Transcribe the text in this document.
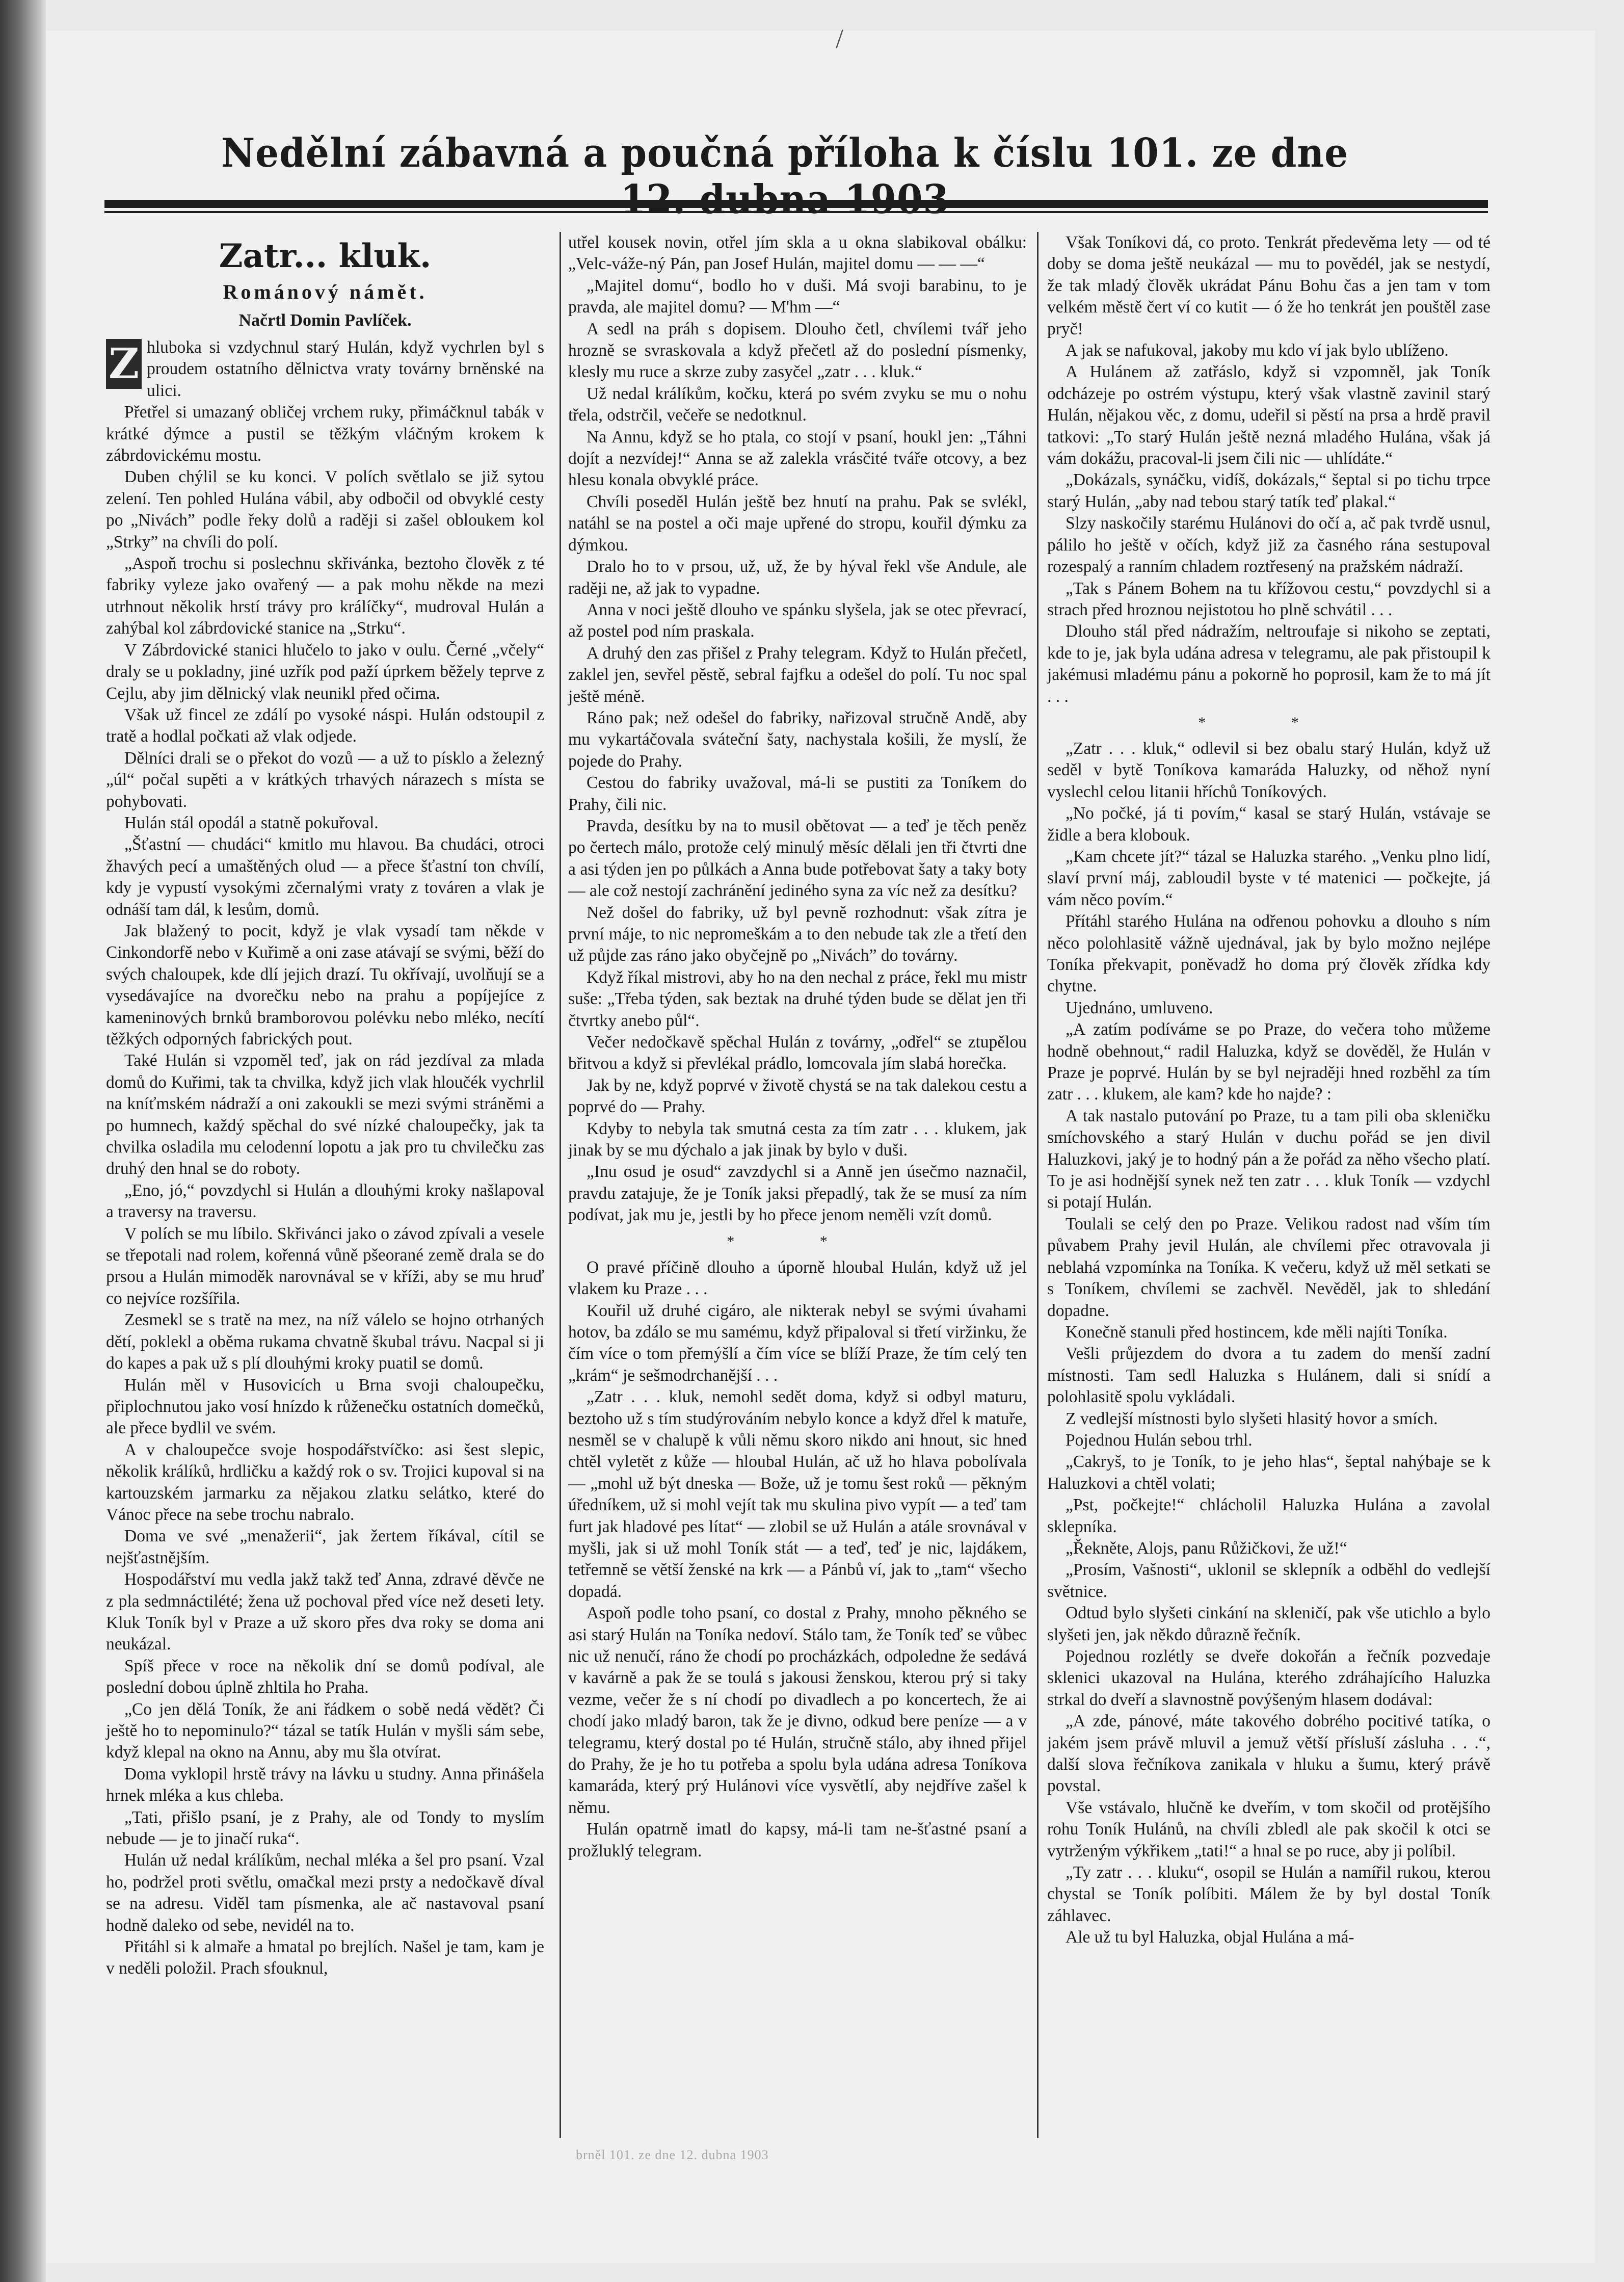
/
Nedělní zábavná a poučná příloha k číslu 101. ze dne
Zatr... kluk.
Románový námět.
Načrtl Domin Pavlíček.
Z hluboka si vzdychnul starý Hulán, když vychrlen byl s proudem ostatního dělnictva vraty továrny brněnské na ulici.

Přetřel si umazaný obličej vrchem ruky, přimáčknul tabák v krátké dýmce a pustil se těžkým vláčným krokem k zábrdovickému mostu.

Duben chýlil se ku konci. V polích světlalo se již sytou zelení. Ten pohled Hulána vábil, aby odbočil od obvyklé cesty po „Niváchˮ podle řeky dolů a raději si zašel obloukem kol „Strkyˮ na chvíli do polí.

„Aspoň trochu si poslechnu skřivánka, beztoho člověk z té fabriky vyleze jako ovařený — a pak mohu někde na mezi utrhnout několik hrstí trávy pro králíčky“, mudroval Hulán a zahýbal kol zábrdovické stanice na „Strku“.

V Zábrdovické stanici hlučelo to jako v oulu. Černé „včely“ draly se u pokladny, jiné uzřík pod paží úprkem běžely teprve z Cejlu, aby jim dělnický vlak neunikl před očima.

Však už fincel ze zdálí po vysoké náspi. Hulán odstoupil z tratě a hodlal počkati až vlak odjede.

Dělníci drali se o překot do vozů — a už to písklo a železný „úl“ počal supěti a v krátkých trhavých nárazech s místa se pohybovati.

Hulán stál opodál a statně pokuřoval.

„Šťastní — chudáci“ kmitlo mu hlavou. Ba chudáci, otroci žhavých pecí a umaštěných olud — a přece šťastní ton chvílí, kdy je vypustí vysokými zčernalými vraty z továren a vlak je odnáší tam dál, k lesům, domů.

Jak blažený to pocit, když je vlak vysadí tam někde v Cinkondorfě nebo v Kuřimě a oni zase atávají se svými, běží do svých chaloupek, kde dlí jejich drazí. Tu okřívají, uvolňují se a vysedávajíce na dvorečku nebo na prahu a popíjejíce z kameninových brnků bramborovou polévku nebo mléko, necítí těžkých odporných fabrických pout.

Také Hulán si vzpoměl teď, jak on rád jezdíval za mlada domů do Kuřimi, tak ta chvilka, když jich vlak hloučék vychrlil na kníťmském nádraží a oni zakoukli se mezi svými stráněmi a po humnech, každý spěchal do své nízké chaloupečky, jak ta chvilka osladila mu celodenní lopotu a jak pro tu chvilečku zas druhý den hnal se do roboty.

„Eno, jó,“ povzdychl si Hulán a dlouhými kroky našlapoval a traversy na traversu.

V polích se mu líbilo. Skřivánci jako o závod zpívali a vesele se třepotali nad rolem, kořenná vůně pšeorané země drala se do prsou a Hulán mimoděk narovnával se v kříži, aby se mu hruď co nejvíce rozšířila.

Zesmekl se s tratě na mez, na níž válelo se hojno otrhaných dětí, poklekl a oběma rukama chvatně škubal trávu. Nacpal si ji do kapes a pak už s plí dlouhými kroky puatil se domů.

Hulán měl v Husovicích u Brna svoji chaloupečku, připlochnutou jako vosí hnízdo k růženečku ostatních domečků, ale přece bydlil ve svém.

A v chaloupečce svoje hospodářstvíčko: asi šest slepic, několik králíků, hrdličku a každý rok o sv. Trojici kupoval si na kartouzském jarmarku za nějakou zlatku selátko, které do Vánoc přece na sebe trochu nabralo.

Doma ve své „menažerii“, jak žertem říkával, cítil se nejšťastnějším.

Hospodářství mu vedla jakž takž teď Anna, zdravé děvče ne z pla sedmnáctilété; žena už pochoval před více než deseti lety. Kluk Toník byl v Praze a už skoro přes dva roky se doma ani neukázal.

Spíš přece v roce na několik dní se domů podíval, ale poslední dobou úplně zhltila ho Praha.

„Co jen dělá Toník, že ani řádkem o sobě nedá vědět? Či ještě ho to nepominulo?“ tázal se tatík Hulán v myšli sám sebe, když klepal na okno na Annu, aby mu šla otvírat.

Doma vyklopil hrstě trávy na lávku u studny. Anna přinášela hrnek mléka a kus chleba.

„Tati, přišlo psaní, je z Prahy, ale od Tondy to myslím nebude — je to jinačí ruka“.

Hulán už nedal králíkům, nechal mléka a šel pro psaní. Vzal ho, podržel proti světlu, omačkal mezi prsty a nedočkavě díval se na adresu. Viděl tam písmenka, ale ač nastavoval psaní hodně daleko od sebe, nevidél na to.

Přitáhl si k almaře a hmatal po brejlích. Našel je tam, kam je v neděli položil. Prach sfouknul,

utřel kousek novin, otřel jím skla a u okna slabikoval obálku: „Velc-váže-ný Pán, pan Josef Hulán, majitel domu — — —“

„Majitel domu“, bodlo ho v duši. Má svoji barabinu, to je pravda, ale majitel domu? — M'hm —“

A sedl na práh s dopisem. Dlouho četl, chvílemi tvář jeho hrozně se svraskovala a když přečetl až do poslední písmenky, klesly mu ruce a skrze zuby zasyčel „zatr . . . kluk.“

Už nedal králíkům, kočku, která po svém zvyku se mu o nohu třela, odstrčil, večeře se nedotknul.

Na Annu, když se ho ptala, co stojí v psaní, houkl jen: „Táhni dojít a nezvídej!“ Anna se až zalekla vrásčité tváře otcovy, a bez hlesu konala obvyklé práce.

Chvíli poseděl Hulán ještě bez hnutí na prahu. Pak se svlékl, natáhl se na postel a oči maje upřené do stropu, kouřil dýmku za dýmkou.

Dralo ho to v prsou, už, už, že by hýval řekl vše Andule, ale raději ne, až jak to vypadne.

Anna v noci ještě dlouho ve spánku slyšela, jak se otec převrací, až postel pod ním praskala.

A druhý den zas přišel z Prahy telegram. Když to Hulán přečetl, zaklel jen, sevřel pěstě, sebral fajfku a odešel do polí. Tu noc spal ještě méně.

Ráno pak; než odešel do fabriky, nařizoval stručně Andě, aby mu vykartáčovala sváteční šaty, nachystala košili, že myslí, že pojede do Prahy.

Cestou do fabriky uvažoval, má-li se pustiti za Toníkem do Prahy, čili nic.

Pravda, desítku by na to musil obětovat — a teď je těch peněz po čertech málo, protože celý minulý měsíc dělali jen tři čtvrti dne a asi týden jen po půlkách a Anna bude potřebovat šaty a taky boty — ale což nestojí zachránění jediného syna za víc než za desítku?

Než došel do fabriky, už byl pevně rozhodnut: však zítra je první máje, to nic nepromeškám a to den nebude tak zle a třetí den už půjde zas ráno jako obyčejně po „Niváchˮ do továrny.

Když říkal mistrovi, aby ho na den nechal z práce, řekl mu mistr suše: „Třeba týden, sak beztak na druhé týden bude se dělat jen tři čtvrtky anebo půl“.

Večer nedočkavě spěchal Hulán z továrny, „odřel“ se ztupělou břitvou a když si převlékal prádlo, lomcovala jím slabá horečka.

Jak by ne, když poprvé v životě chystá se na tak dalekou cestu a poprvé do — Prahy.

Kdyby to nebyla tak smutná cesta za tím zatr . . . klukem, jak jinak by se mu dýchalo a jak jinak by bylo v duši.

„Inu osud je osud“ zavzdychl si a Anně jen úsečmo naznačil, pravdu zatajuje, že je Toník jaksi přepadlý, tak že se musí za ním podívat, jak mu je, jestli by ho přece jenom neměli vzít domů.

* *

O pravé příčině dlouho a úporně hloubal Hulán, když už jel vlakem ku Praze . . .

Kouřil už druhé cigáro, ale nikterak nebyl se svými úvahami hotov, ba zdálo se mu samému, když připaloval si třetí viržinku, že čím více o tom přemýšlí a čím více se blíží Praze, že tím celý ten „krám“ je sešmodrchanější . . .

„Zatr . . . kluk, nemohl sedět doma, když si odbyl maturu, beztoho už s tím studýrováním nebylo konce a když dřel k matuře, nesměl se v chalupě k vůli němu skoro nikdo ani hnout, sic hned chtěl vyletět z kůže — hloubal Hulán, ač už ho hlava pobolívala — „mohl už být dneska — Bože, už je tomu šest roků — pěkným úředníkem, už si mohl vejít tak mu skulina pivo vypít — a teď tam furt jak hladové pes lítat“ — zlobil se už Hulán a atále srovnával v myšli, jak si už mohl Toník stát — a teď, teď je nic, lajdákem, tetřemně se větší ženské na krk — a Pánbů ví, jak to „tam“ všecho dopadá.

Aspoň podle toho psaní, co dostal z Prahy, mnoho pěkného se asi starý Hulán na Toníka nedoví. Stálo tam, že Toník teď se vůbec nic už nenučí, ráno že chodí po procházkách, odpoledne že sedává v kavárně a pak že se toulá s jakousi ženskou, kterou prý si taky vezme, večer že s ní chodí po divadlech a po koncertech, že ai chodí jako mladý baron, tak že je divno, odkud bere peníze — a v telegramu, který dostal po té Hulán, stručně stálo, aby ihned přijel do Prahy, že je ho tu potřeba a spolu byla udána adresa Toníkova kamaráda, který prý Hulánovi více vysvětlí, aby nejdříve zašel k němu.

Hulán opatrně imatl do kapsy, má-li tam ne-šťastné psaní a prožluklý telegram.

Však Toníkovi dá, co proto. Tenkrát předevěma lety — od té doby se doma ještě neukázal — mu to povědél, jak se nestydí, že tak mladý člověk ukrádat Pánu Bohu čas a jen tam v tom velkém městě čert ví co kutit — ó že ho tenkrát jen pouštěl zase pryč!

A jak se nafukoval, jakoby mu kdo ví jak bylo ublíženo.

A Hulánem až zatřáslo, když si vzpomněl, jak Toník odcházeje po ostrém výstupu, který však vlastně zavinil starý Hulán, nějakou věc, z domu, udeřil si pěstí na prsa a hrdě pravil tatkovi: „To starý Hulán ještě nezná mladého Hulána, však já vám dokážu, pracoval-li jsem čili nic — uhlídáte.“

„Dokázals, synáčku, vidíš, dokázals,“ šeptal si po tichu trpce starý Hulán, „aby nad tebou starý tatík teď plakal.“

Slzy naskočily starému Hulánovi do očí a, ač pak tvrdě usnul, pálilo ho ještě v očích, když již za časného rána sestupoval rozespalý a ranním chladem roztřesený na pražském nádraží.

„Tak s Pánem Bohem na tu křížovou cestu,“ povzdychl si a strach před hroznou nejistotou ho plně schvátil . . .

Dlouho stál před nádražím, neltroufaje si nikoho se zeptati, kde to je, jak byla udána adresa v telegramu, ale pak přistoupil k jakémusi mladému pánu a pokorně ho poprosil, kam že to má jít . . .

* *

„Zatr . . . kluk,“ odlevil si bez obalu starý Hulán, když už seděl v bytě Toníkova kamaráda Haluzky, od něhož nyní vyslechl celou litanii hříchů Toníkových.

„No počké, já ti povím,“ kasal se starý Hulán, vstávaje se židle a bera klobouk.

„Kam chcete jít?“ tázal se Haluzka starého. „Venku plno lidí, slaví první máj, zabloudil byste v té matenici — počkejte, já vám něco povím.“

Přítáhl starého Hulána na odřenou pohovku a dlouho s ním něco polohlasitě vážně ujednával, jak by bylo možno nejlépe Toníka překvapit, poněvadž ho doma prý člověk zřídka kdy chytne.

Ujednáno, umluveno.

„A zatím podíváme se po Praze, do večera toho můžeme hodně obehnout,“ radil Haluzka, když se dověděl, že Hulán v Praze je poprvé. Hulán by se byl nejraději hned rozběhl za tím zatr . . . klukem, ale kam? kde ho najde? :

A tak nastalo putování po Praze, tu a tam pili oba skleničku smíchovského a starý Hulán v duchu pořád se jen divil Haluzkovi, jaký je to hodný pán a že pořád za něho všecho platí. To je asi hodnější synek než ten zatr . . . kluk Toník — vzdychl si potají Hulán.

Toulali se celý den po Praze. Velikou radost nad vším tím půvabem Prahy jevil Hulán, ale chvílemi přec otravovala ji neblahá vzpomínka na Toníka. K večeru, když už měl setkati se s Toníkem, chvílemi se zachvěl. Nevěděl, jak to shledání dopadne.

Konečně stanuli před hostincem, kde měli najíti Toníka.

Vešli průjezdem do dvora a tu zadem do menší zadní místnosti. Tam sedl Haluzka s Hulánem, dali si snídí a polohlasitě spolu vykládali.

Z vedlejší místnosti bylo slyšeti hlasitý hovor a smích.

Pojednou Hulán sebou trhl.

„Cakryš, to je Toník, to je jeho hlas“, šeptal nahýbaje se k Haluzkovi a chtěl volati;

„Pst, počkejte!“ chlácholil Haluzka Hulána a zavolal sklepníka.

„Řekněte, Alojs, panu Růžičkovi, že už!“

„Prosím, Vašnosti“, uklonil se sklepník a odběhl do vedlejší světnice.

Odtud bylo slyšeti cinkání na skleničí, pak vše utichlo a bylo slyšeti jen, jak někdo důrazně řečník.

Pojednou rozlétly se dveře dokořán a řečník pozvedaje sklenici ukazoval na Hulána, kterého zdráhajícího Haluzka strkal do dveří a slavnostně povýšeným hlasem dodával:

„A zde, pánové, máte takového dobrého pocitivé tatíka, o jakém jsem právě mluvil a jemuž větší přísluší zásluha . . .“, další slova řečníkova zanikala v hluku a šumu, který právě povstal.

Vše vstávalo, hlučně ke dveřím, v tom skočil od protějšího rohu Toník Hulánů, na chvíli zbledl ale pak skočil k otci se vytrženým výkřikem „tati!“ a hnal se po ruce, aby ji políbil.

„Ty zatr . . . kluku“, osopil se Hulán a namířil rukou, kterou chystal se Toník políbiti. Málem že by byl dostal Toník záhlavec.

Ale už tu byl Haluzka, objal Hulána a má-

brněl 101. ze dne 12. dubna 1903
